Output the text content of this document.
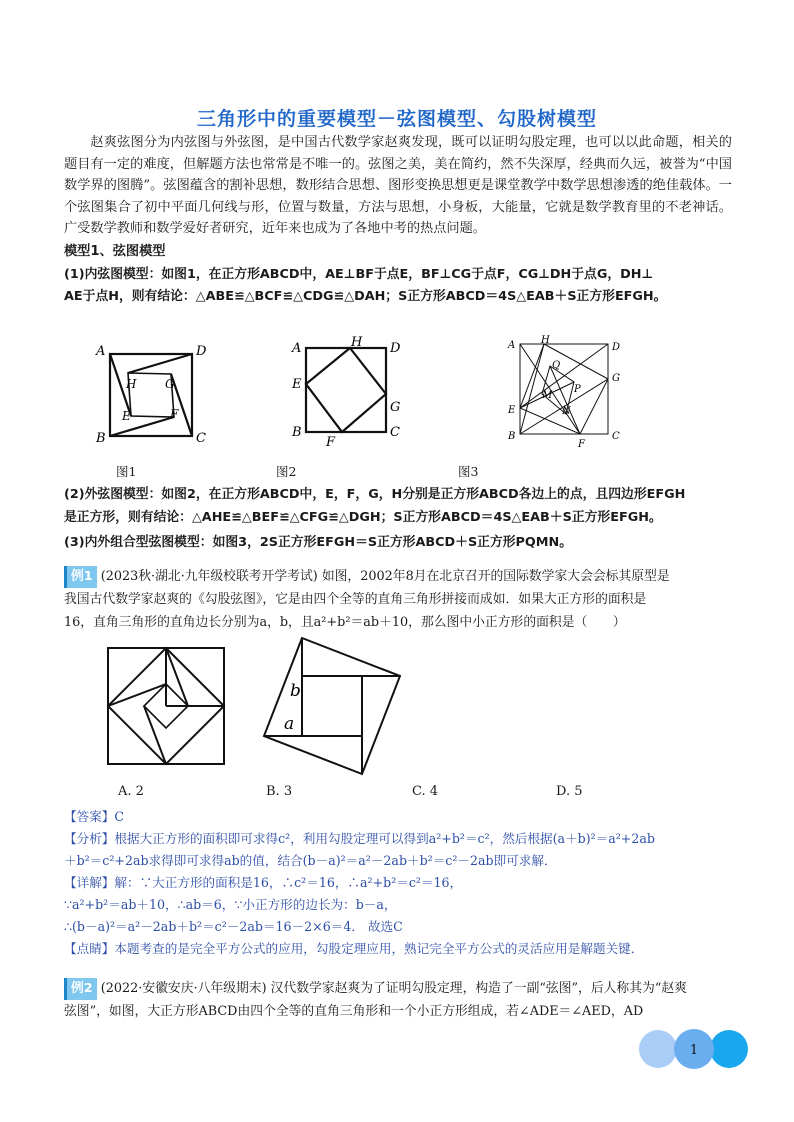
三角形中的重要模型－弦图模型、勾股树模型
赵爽弦图分为内弦图与外弦图，是中国古代数学家赵爽发现，既可以证明勾股定理，也可以以此命题，相关的题目有一定的难度，但解题方法也常常是不唯一的。弦图之美，美在简约，然不失深厚，经典而久远，被誉为“中国数学界的图腾”。弦图蕴含的割补思想，数形结合思想、图形变换思想更是课堂教学中数学思想渗透的绝佳载体。一个弦图集合了初中平面几何线与形，位置与数量，方法与思想，小身板，大能量，它就是数学教育里的不老神话。广受数学教师和数学爱好者研究，近年来也成为了各地中考的热点问题。
模型1、弦图模型
(1)内弦图模型：如图1，在正方形ABCD中，AE⊥BF于点E，BF⊥CG于点F，CG⊥DH于点G，DH⊥
AE于点H，则有结论：△ABE≌△BCF≌△CDG≌△DAH；S正方形ABCD＝4S△EAB＋S正方形EFGH。
A	D
B	C
H G
E	F
图1
A	H D
E
G
B
F
C
图2
A	H
D
Q
G
P
M
E	N
B
F
C
图3
(2)外弦图模型：如图2，在正方形ABCD中，E，F，G，H分别是正方形ABCD各边上的点，且四边形EFGH
是正方形，则有结论：△AHE≌△BEF≌△CFG≌△DGH；S正方形ABCD＝4S△EAB＋S正方形EFGH。
(3)内外组合型弦图模型：如图3，2S正方形EFGH＝S正方形ABCD＋S正方形PQMN。
例1 (2023秋·湖北·九年级校联考开学考试) 如图，2002年8月在北京召开的国际数学家大会会标其原型是
我国古代数学家赵爽的《勾股弦图》，它是由四个全等的直角三角形拼接而成如．如果大正方形的面积是
16，直角三角形的直角边长分别为a，b，且a²+b²＝ab＋10，那么图中小正方形的面积是（　　）
b
a
A. 2	B. 3	C. 4	D. 5
【答案】C
【分析】根据大正方形的面积即可求得c²，利用勾股定理可以得到a²+b²＝c²，然后根据(a＋b)²＝a²+2ab
＋b²＝c²+2ab求得即可求得ab的值，结合(b－a)²＝a²－2ab＋b²＝c²－2ab即可求解．
【详解】解：∵大正方形的面积是16，∴c²＝16，∴a²+b²＝c²＝16，
∵a²+b²＝ab＋10，∴ab＝6，∵小正方形的边长为：b－a，
∴(b－a)²＝a²－2ab＋b²＝c²－2ab＝16－2×6＝4． 故选C
【点睛】本题考查的是完全平方公式的应用，勾股定理应用，熟记完全平方公式的灵活应用是解题关键．
例2 (2022·安徽安庆·八年级期末) 汉代数学家赵爽为了证明勾股定理，构造了一副“弦图”，后人称其为“赵爽
弦图”，如图，大正方形ABCD由四个全等的直角三角形和一个小正方形组成，若∠ADE＝∠AED，AD
1
